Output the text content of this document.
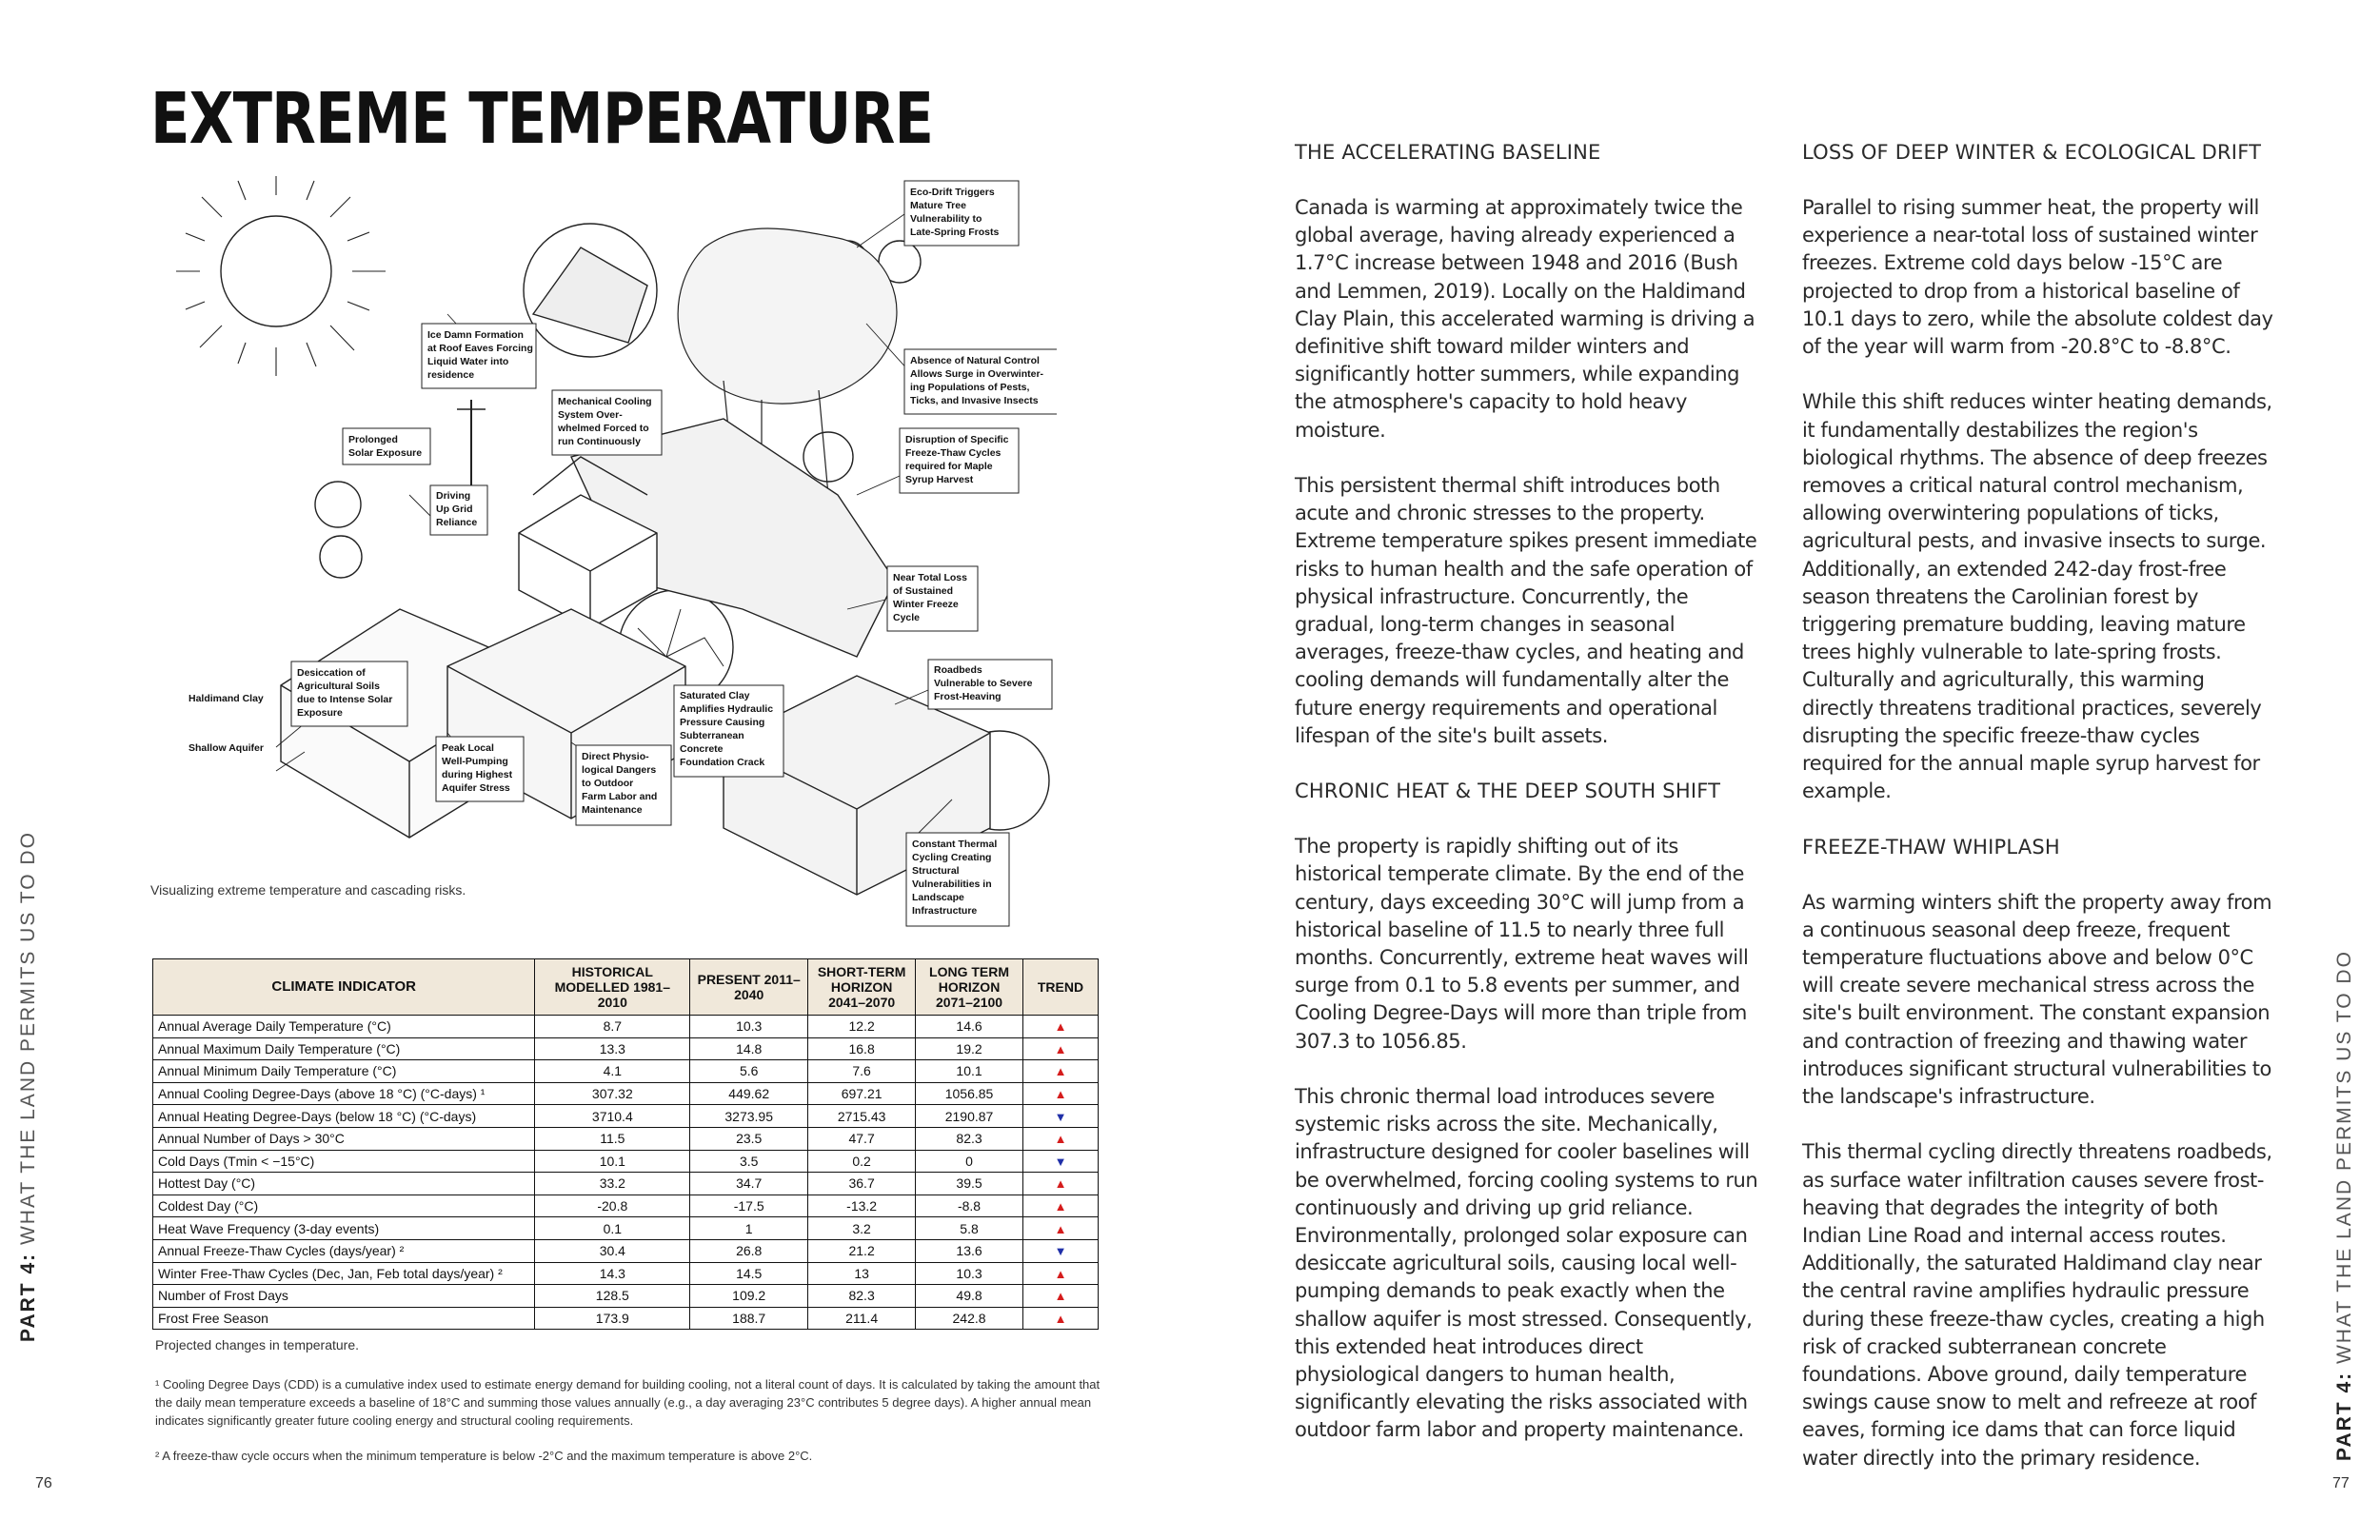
EXTREME TEMPERATURE
Eco-Drift Triggers
Mature Tree
Vulnerability to
Late-Spring Frosts
Ice Damn Formation
at Roof Eaves Forcing
Liquid Water into
residence
Absence of Natural Control
Allows Surge in Overwinter-
ing Populations of Pests,
Ticks, and Invasive Insects
Mechanical Cooling
System Over-
whelmed Forced to
run Continuously
Prolonged
Solar Exposure
Disruption of Specific
Freeze-Thaw Cycles
required for Maple
Syrup Harvest
Driving
Up Grid
Reliance
Near Total Loss
of Sustained
Winter Freeze
Cycle
Roadbeds
Vulnerable to Severe
Frost-Heaving
Desiccation of
Agricultural Soils
due to Intense Solar
Exposure
Saturated Clay
Amplifies Hydraulic
Pressure Causing
Subterranean
Concrete
Foundation Crack
Peak Local
Well-Pumping
during Highest
Aquifer Stress
Direct Physio-
logical Dangers
to Outdoor
Farm Labor and
Maintenance
Constant Thermal
Cycling Creating
Structural
Vulnerabilities in
Landscape
Infrastructure
Haldimand Clay
Shallow Aquifer
Visualizing extreme temperature and cascading risks.
CLIMATE INDICATOR	HISTORICAL MODELLED 1981–2010	PRESENT 2011–2040	SHORT-TERM HORIZON 2041–2070	LONG TERM HORIZON 2071–2100	TREND
Annual Average Daily Temperature (°C)	8.7	10.3	12.2	14.6	▲
Annual Maximum Daily Temperature (°C)	13.3	14.8	16.8	19.2	▲
Annual Minimum Daily Temperature (°C)	4.1	5.6	7.6	10.1	▲
Annual Cooling Degree-Days (above 18 °C) (°C-days) ¹	307.32	449.62	697.21	1056.85	▲
Annual Heating Degree-Days (below 18 °C) (°C-days)	3710.4	3273.95	2715.43	2190.87	▼
Annual Number of Days > 30°C	11.5	23.5	47.7	82.3	▲
Cold Days (Tmin < −15°C)	10.1	3.5	0.2	0	▼
Hottest Day (°C)	33.2	34.7	36.7	39.5	▲
Coldest Day (°C)	-20.8	-17.5	-13.2	-8.8	▲
Heat Wave Frequency (3-day events)	0.1	1	3.2	5.8	▲
Annual Freeze-Thaw Cycles (days/year) ²	30.4	26.8	21.2	13.6	▼
Winter Free-Thaw Cycles (Dec, Jan, Feb total days/year) ²	14.3	14.5	13	10.3	▲
Number of Frost Days	128.5	109.2	82.3	49.8	▲
Frost Free Season	173.9	188.7	211.4	242.8	▲
Projected changes in temperature.
¹ Cooling Degree Days (CDD) is a cumulative index used to estimate energy demand for building cooling, not a literal count of days. It is calculated by taking the amount that the daily mean temperature exceeds a baseline of 18°C and summing those values annually (e.g., a day averaging 23°C contributes 5 degree days). A higher annual mean indicates significantly greater future cooling energy and structural cooling requirements.
² A freeze-thaw cycle occurs when the minimum temperature is below -2°C and the maximum temperature is above 2°C.
PART 4: WHAT THE LAND PERMITS US TO DO
PART 4: WHAT THE LAND PERMITS US TO DO
76	77
THE ACCELERATING BASELINE

Canada is warming at approximately twice the global average, having already experienced a 1.7°C increase between 1948 and 2016 (Bush and Lemmen, 2019). Locally on the Haldimand Clay Plain, this accelerated warming is driving a definitive shift toward milder winters and significantly hotter summers, while expanding the atmosphere's capacity to hold heavy moisture.

This persistent thermal shift introduces both acute and chronic stresses to the property. Extreme temperature spikes present immediate risks to human health and the safe operation of physical infrastructure. Concurrently, the gradual, long-term changes in seasonal averages, freeze-thaw cycles, and heating and cooling demands will fundamentally alter the future energy requirements and operational lifespan of the site's built assets.

CHRONIC HEAT & THE DEEP SOUTH SHIFT

The property is rapidly shifting out of its historical temperate climate. By the end of the century, days exceeding 30°C will jump from a historical baseline of 11.5 to nearly three full months. Concurrently, extreme heat waves will surge from 0.1 to 5.8 events per summer, and Cooling Degree-Days will more than triple from 307.3 to 1056.85.

This chronic thermal load introduces severe systemic risks across the site. Mechanically, infrastructure designed for cooler baselines will be overwhelmed, forcing cooling systems to run continuously and driving up grid reliance. Environmentally, prolonged solar exposure can desiccate agricultural soils, causing local well-pumping demands to peak exactly when the shallow aquifer is most stressed. Consequently, this extended heat introduces direct physiological dangers to human health, significantly elevating the risks associated with outdoor farm labor and property maintenance.

LOSS OF DEEP WINTER & ECOLOGICAL DRIFT

Parallel to rising summer heat, the property will experience a near-total loss of sustained winter freezes. Extreme cold days below -15°C are projected to drop from a historical baseline of 10.1 days to zero, while the absolute coldest day of the year will warm from -20.8°C to -8.8°C.

While this shift reduces winter heating demands, it fundamentally destabilizes the region's biological rhythms. The absence of deep freezes removes a critical natural control mechanism, allowing overwintering populations of ticks, agricultural pests, and invasive insects to surge. Additionally, an extended 242-day frost-free season threatens the Carolinian forest by triggering premature budding, leaving mature trees highly vulnerable to late-spring frosts. Culturally and agriculturally, this warming directly threatens traditional practices, severely disrupting the specific freeze-thaw cycles required for the annual maple syrup harvest for example.

FREEZE-THAW WHIPLASH

As warming winters shift the property away from a continuous seasonal deep freeze, frequent temperature fluctuations above and below 0°C will create severe mechanical stress across the site's built environment. The constant expansion and contraction of freezing and thawing water introduces significant structural vulnerabilities to the landscape's infrastructure.

This thermal cycling directly threatens roadbeds, as surface water infiltration causes severe frost-heaving that degrades the integrity of both Indian Line Road and internal access routes. Additionally, the saturated Haldimand clay near the central ravine amplifies hydraulic pressure during these freeze-thaw cycles, creating a high risk of cracked subterranean concrete foundations. Above ground, daily temperature swings cause snow to melt and refreeze at roof eaves, forming ice dams that can force liquid water directly into the primary residence.
